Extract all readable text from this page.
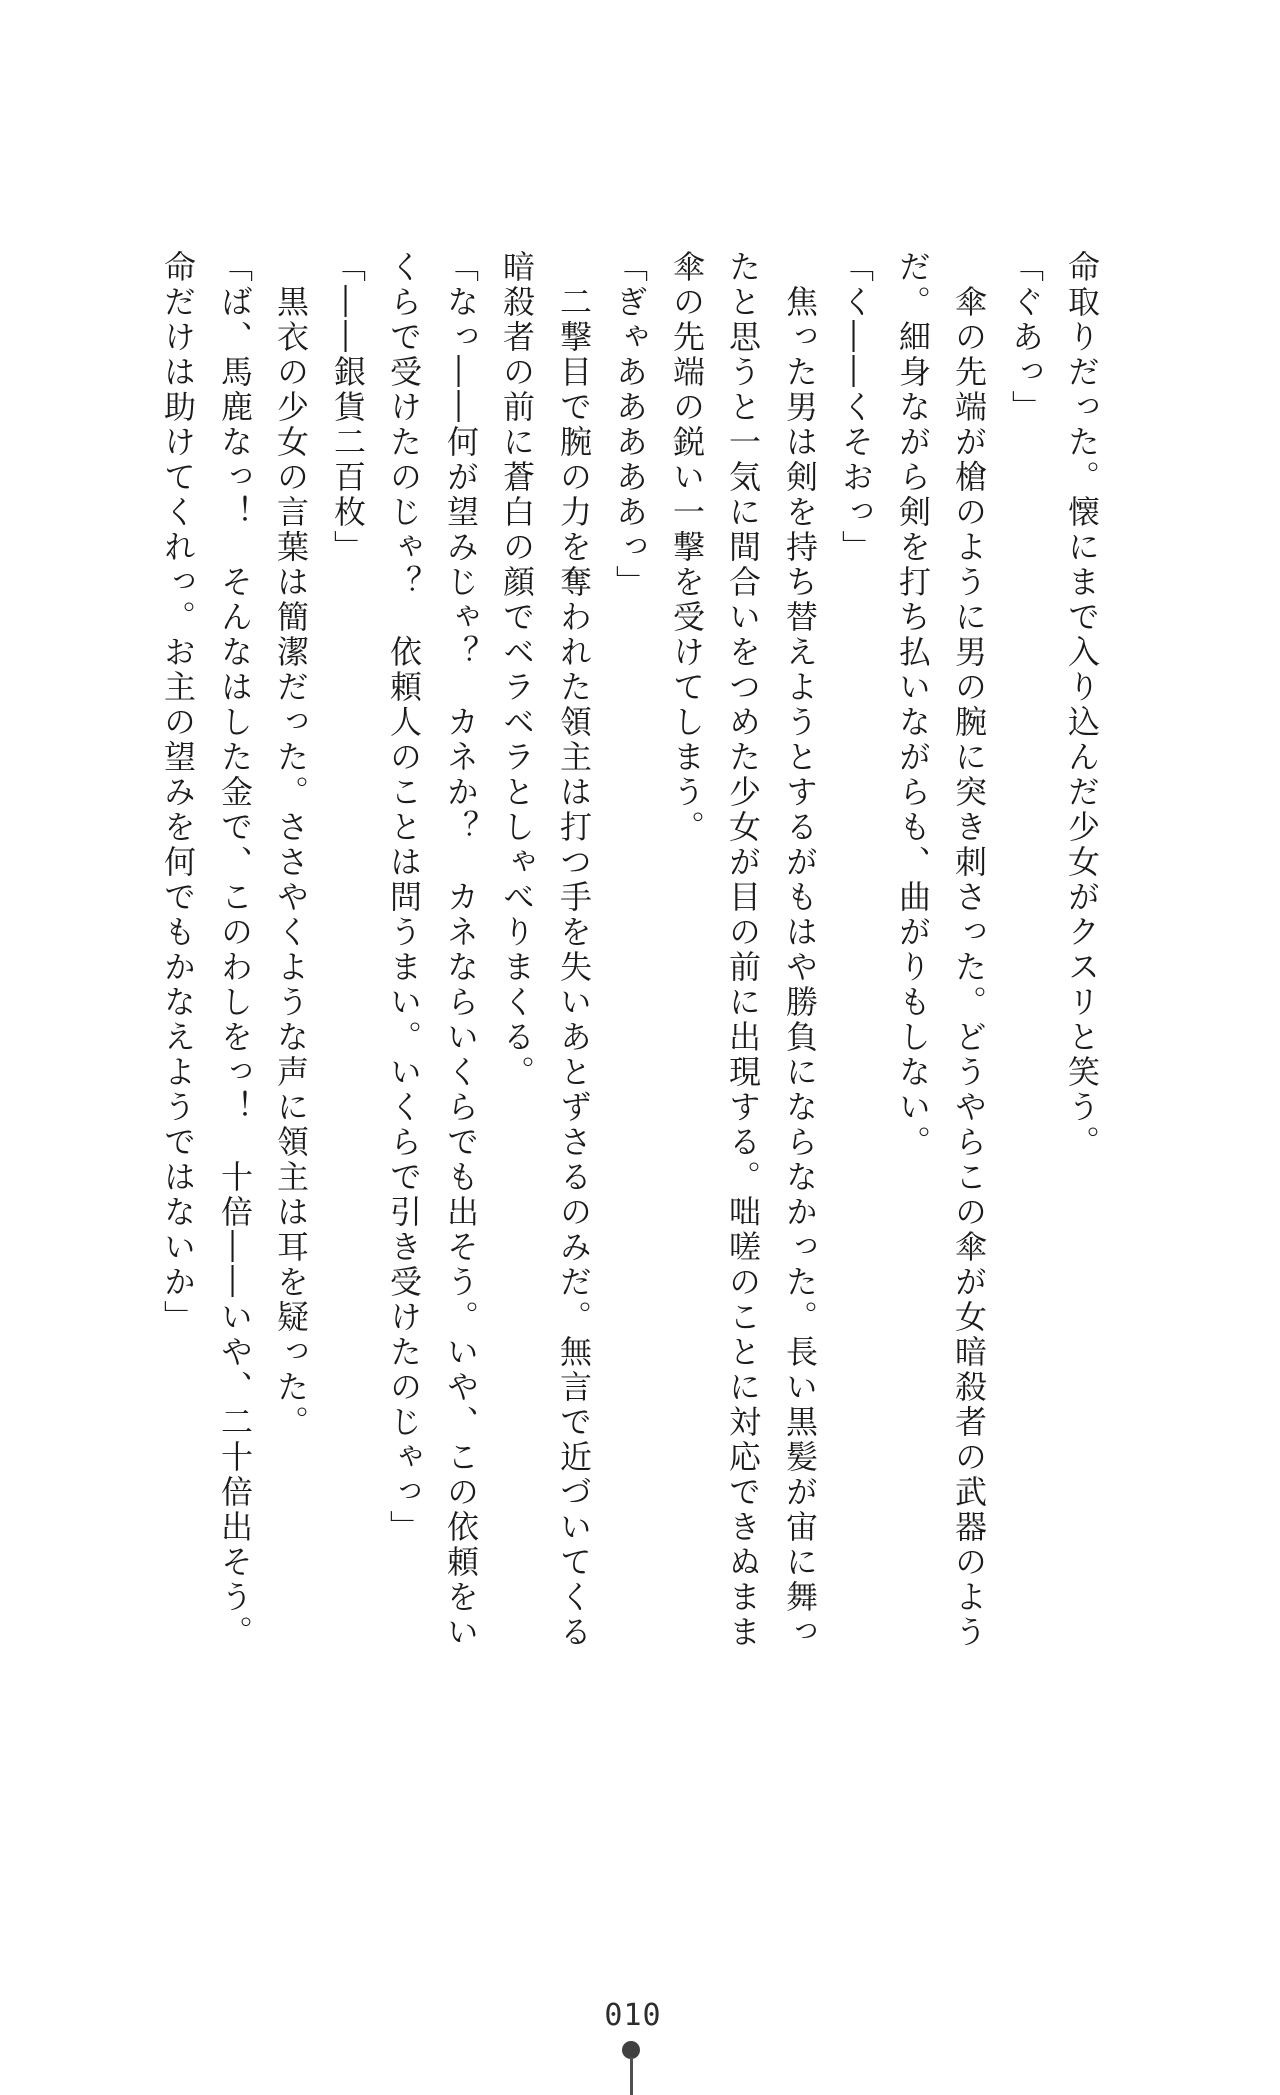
命取りだった。懐にまで入り込んだ少女がクスリと笑う。
「ぐあっ」
傘の先端が槍のように男の腕に突き刺さった。どうやらこの傘が女暗殺者の武器のよう
だ。細身ながら剣を打ち払いながらも、曲がりもしない。
「く――くそおっ」
焦った男は剣を持ち替えようとするがもはや勝負にならなかった。長い黒髪が宙に舞っ
たと思うと一気に間合いをつめた少女が目の前に出現する。咄嗟のことに対応できぬまま
傘の先端の鋭い一撃を受けてしまう。
「ぎゃあああああっ」
二撃目で腕の力を奪われた領主は打つ手を失いあとずさるのみだ。無言で近づいてくる
暗殺者の前に蒼白の顔でベラベラとしゃべりまくる。
「なっ――何が望みじゃ？　カネか？　カネならいくらでも出そう。いや、この依頼をい
くらで受けたのじゃ？　依頼人のことは問うまい。いくらで引き受けたのじゃっ」
「――銀貨二百枚」
黒衣の少女の言葉は簡潔だった。ささやくような声に領主は耳を疑った。
「ば、馬鹿なっ！　そんなはした金で、このわしをっ！　十倍――いや、二十倍出そう。
命だけは助けてくれっ。お主の望みを何でもかなえようではないか」
010
